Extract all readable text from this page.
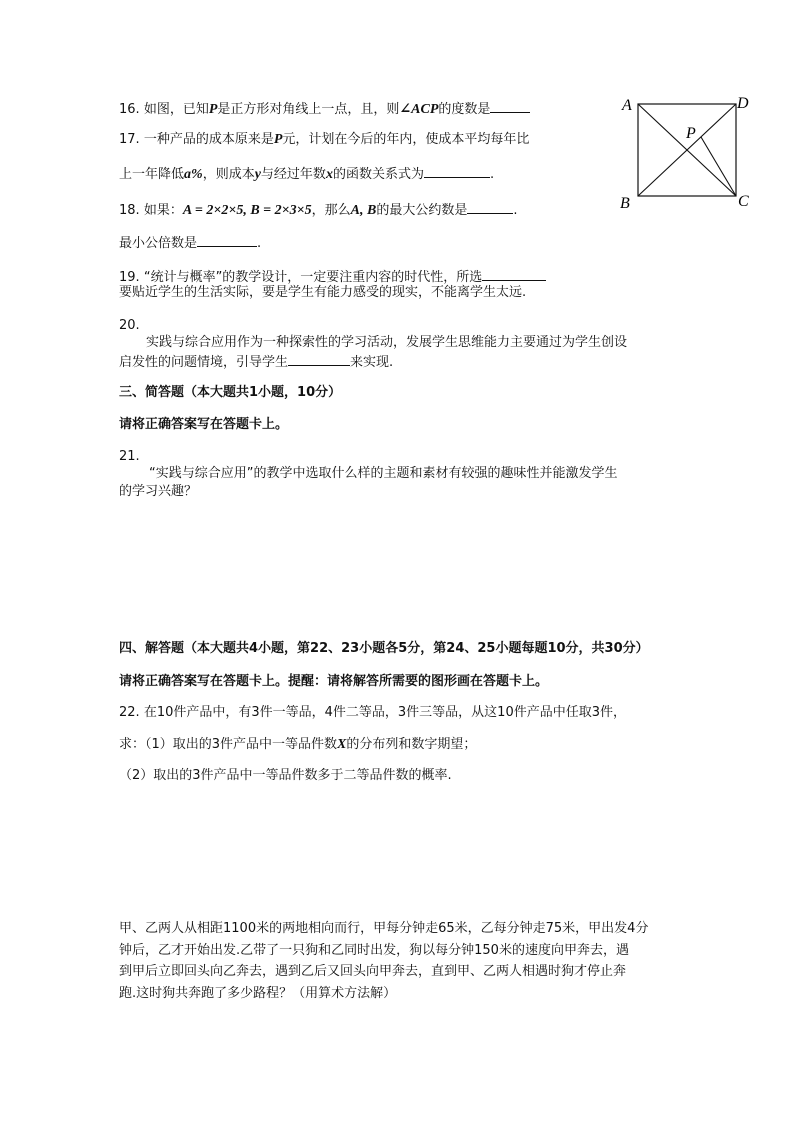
16. 如图，已知P是正方形对角线上一点，且，则∠ACP的度数是
17. 一种产品的成本原来是P元，计划在今后的年内，使成本平均每年比
上一年降低a%，则成本y与经过年数x的函数关系式为	.
18. 如果：A = 2×2×5, B = 2×3×5，那么A, B的最大公约数是	.
最小公倍数是	.
19. “统计与概率”的教学设计，一定要注重内容的时代性，所选
要贴近学生的生活实际，要是学生有能力感受的现实，不能离学生太远.
20.
实践与综合应用作为一种探索性的学习活动，发展学生思维能力主要通过为学生创设
启发性的问题情境，引导学生	来实现.
三、简答题（本大题共1小题，10分）
请将正确答案写在答题卡上。
21.
“实践与综合应用”的教学中选取什么样的主题和素材有较强的趣味性并能激发学生
的学习兴趣？
四、解答题（本大题共4小题，第22、23小题各5分，第24、25小题每题10分，共30分）
请将正确答案写在答题卡上。提醒：请将解答所需要的图形画在答题卡上。
22. 在10件产品中，有3件一等品，4件二等品，3件三等品，从这10件产品中任取3件，
求：（1）取出的3件产品中一等品件数X的分布列和数字期望；
（2）取出的3件产品中一等品件数多于二等品件数的概率.
甲、乙两人从相距1100米的两地相向而行，甲每分钟走65米，乙每分钟走75米，甲出发4分
钟后，乙才开始出发.乙带了一只狗和乙同时出发，狗以每分钟150米的速度向甲奔去，遇
到甲后立即回头向乙奔去，遇到乙后又回头向甲奔去，直到甲、乙两人相遇时狗才停止奔
跑.这时狗共奔跑了多少路程？（用算术方法解）
A	D
B	C
P
